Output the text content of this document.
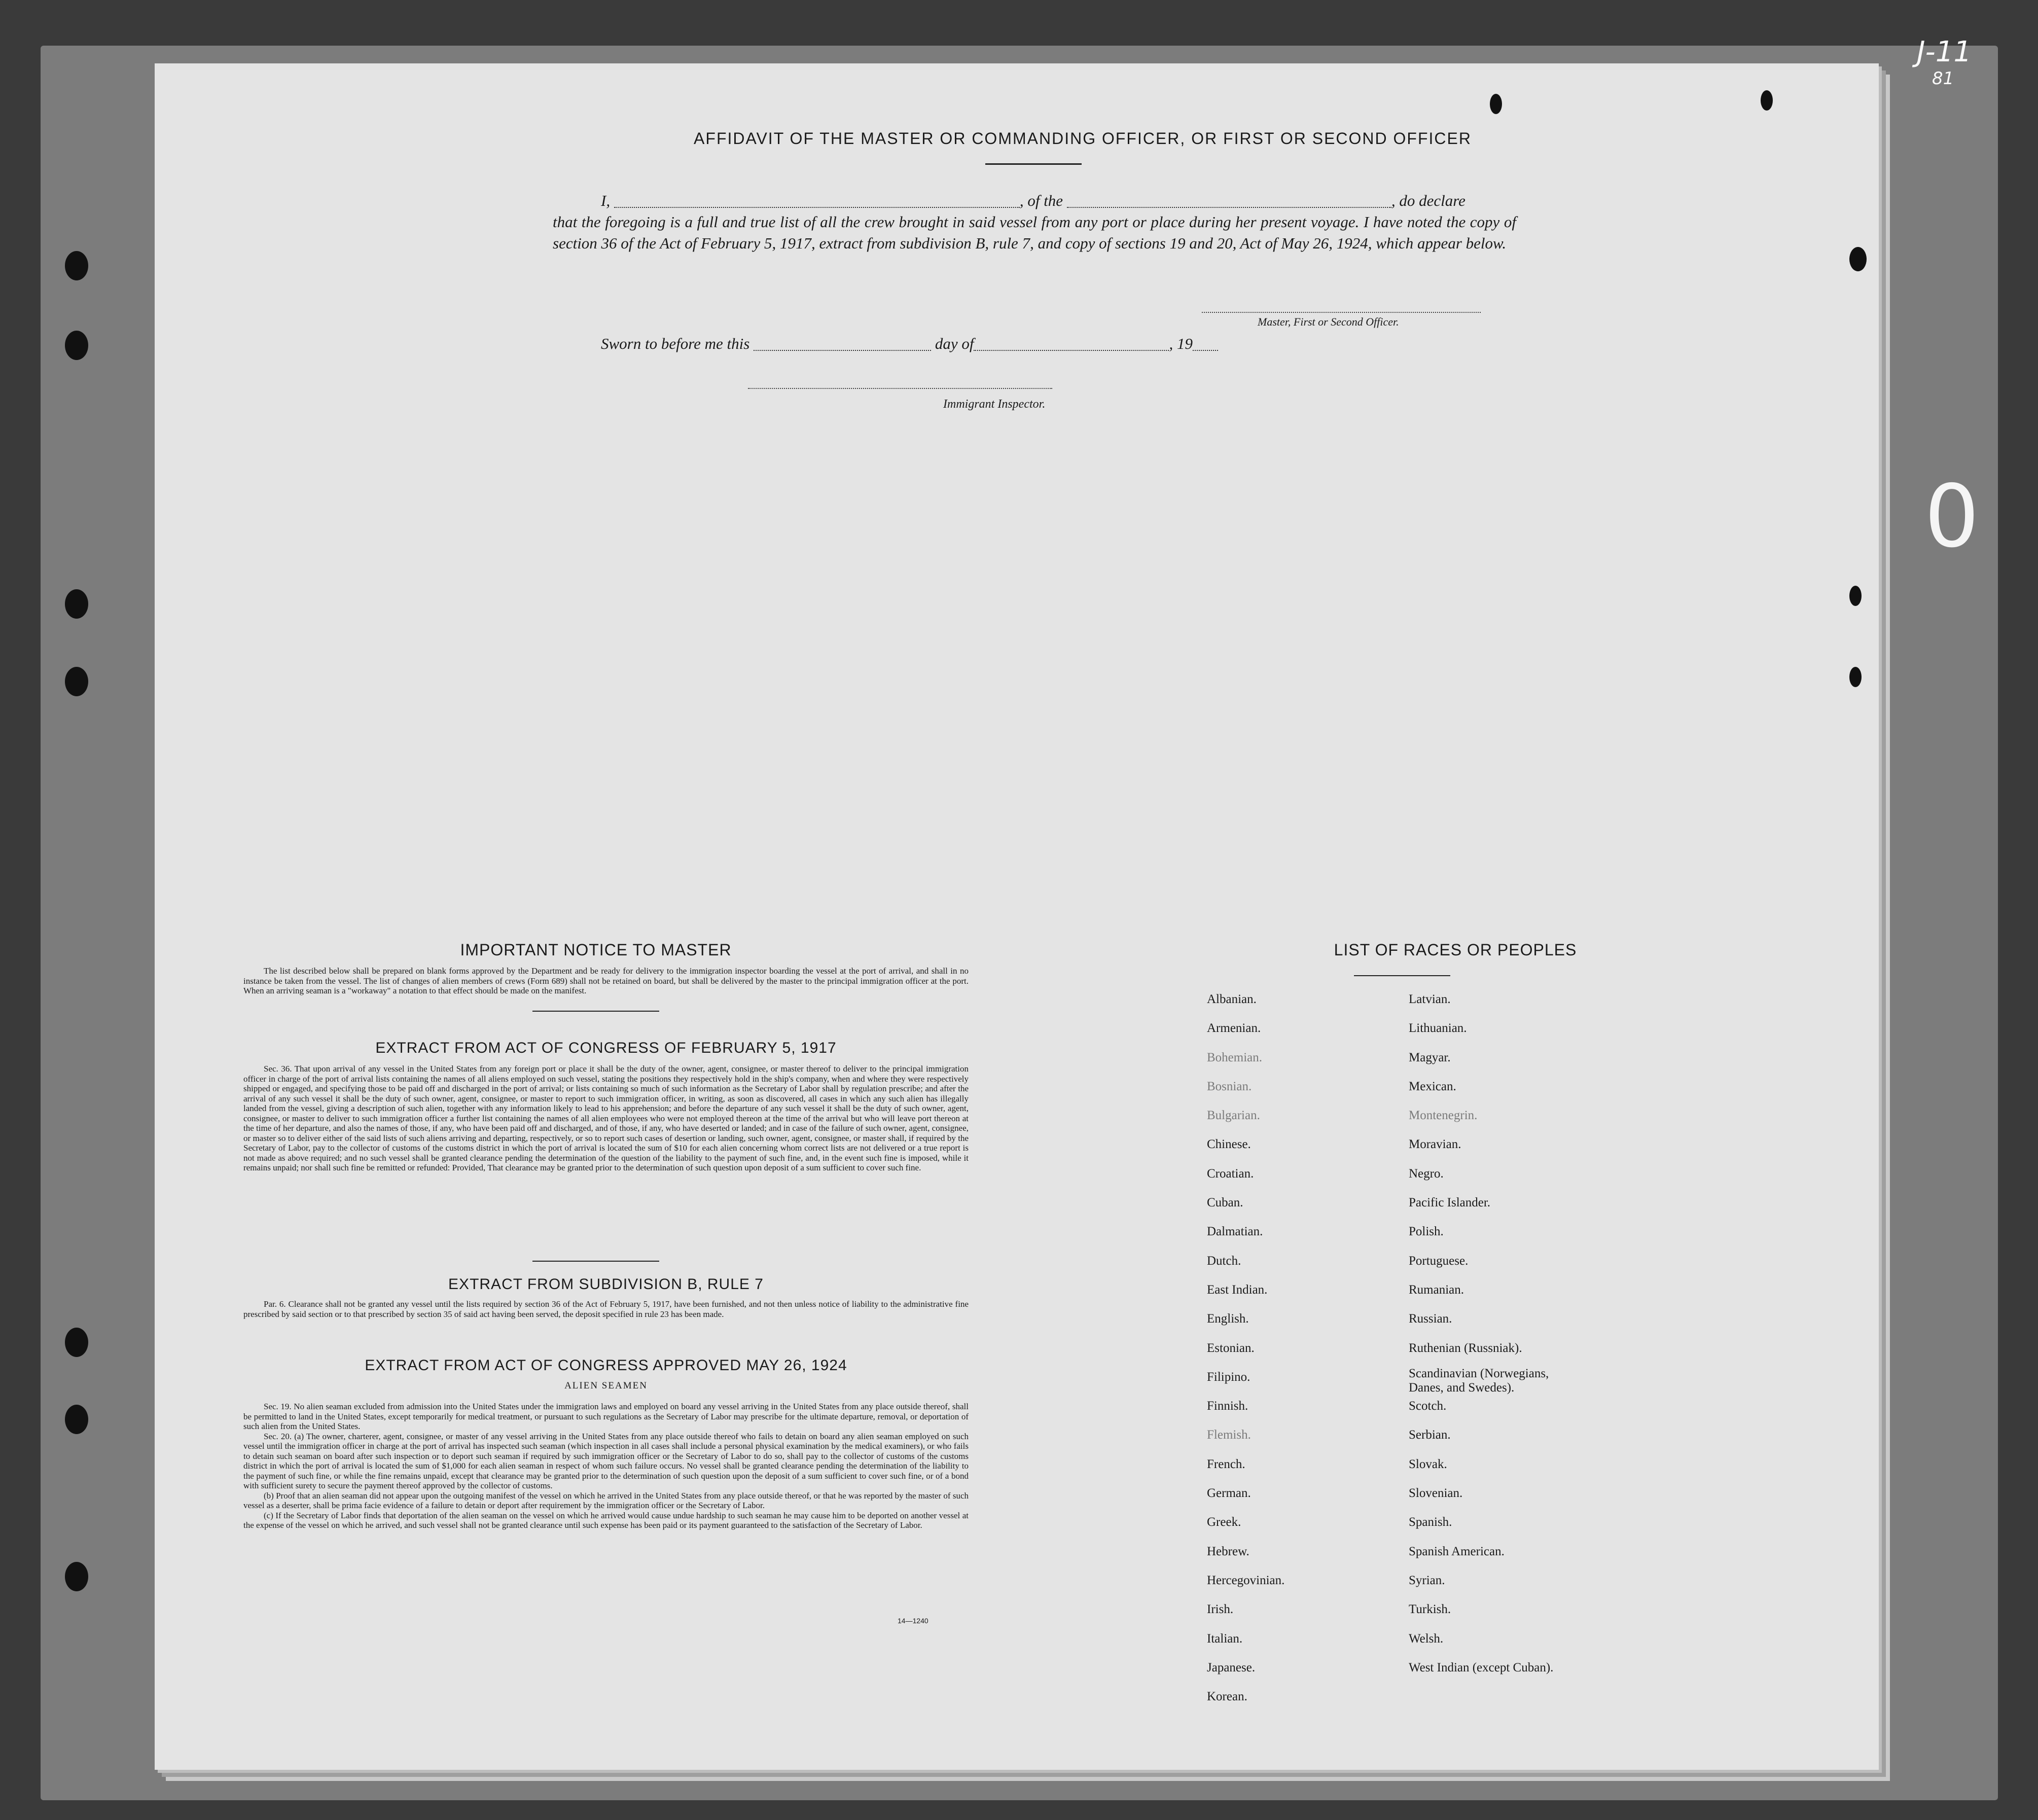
J-11
81
0
AFFIDAVIT OF THE MASTER OR COMMANDING OFFICER, OR FIRST OR SECOND OFFICER
I,	, of the	, do declare
that the foregoing is a full and true list of all the crew brought in said vessel from any port or place during her present voyage. I have noted the copy of section 36 of the Act of February 5, 1917, extract from subdivision B, rule 7, and copy of sections 19 and 20, Act of May 26, 1924, which appear below.
Master, First or Second Officer.
Sworn to before me this	day of	, 19
Immigrant Inspector.
IMPORTANT NOTICE TO MASTER

The list described below shall be prepared on blank forms approved by the Department and be ready for delivery to the immigration inspector boarding the vessel at the port of arrival, and shall in no instance be taken from the vessel. The list of changes of alien members of crews (Form 689) shall not be retained on board, but shall be delivered by the master to the principal immigration officer at the port. When an arriving seaman is a "workaway" a notation to that effect should be made on the manifest.

EXTRACT FROM ACT OF CONGRESS OF FEBRUARY 5, 1917

Sec. 36. That upon arrival of any vessel in the United States from any foreign port or place it shall be the duty of the owner, agent, consignee, or master thereof to deliver to the principal immigration officer in charge of the port of arrival lists containing the names of all aliens employed on such vessel, stating the positions they respectively hold in the ship's company, when and where they were respectively shipped or engaged, and specifying those to be paid off and discharged in the port of arrival; or lists containing so much of such information as the Secretary of Labor shall by regulation prescribe; and after the arrival of any such vessel it shall be the duty of such owner, agent, consignee, or master to report to such immigration officer, in writing, as soon as discovered, all cases in which any such alien has illegally landed from the vessel, giving a description of such alien, together with any information likely to lead to his apprehension; and before the departure of any such vessel it shall be the duty of such owner, agent, consignee, or master to deliver to such immigration officer a further list containing the names of all alien employees who were not employed thereon at the time of the arrival but who will leave port thereon at the time of her departure, and also the names of those, if any, who have been paid off and discharged, and of those, if any, who have deserted or landed; and in case of the failure of such owner, agent, consignee, or master so to deliver either of the said lists of such aliens arriving and departing, respectively, or so to report such cases of desertion or landing, such owner, agent, consignee, or master shall, if required by the Secretary of Labor, pay to the collector of customs of the customs district in which the port of arrival is located the sum of $10 for each alien concerning whom correct lists are not delivered or a true report is not made as above required; and no such vessel shall be granted clearance pending the determination of the question of the liability to the payment of such fine, and, in the event such fine is imposed, while it remains unpaid; nor shall such fine be remitted or refunded: Provided, That clearance may be granted prior to the determination of such question upon deposit of a sum sufficient to cover such fine.

EXTRACT FROM SUBDIVISION B, RULE 7

Par. 6. Clearance shall not be granted any vessel until the lists required by section 36 of the Act of February 5, 1917, have been furnished, and not then unless notice of liability to the administrative fine prescribed by said section or to that prescribed by section 35 of said act having been served, the deposit specified in rule 23 has been made.

EXTRACT FROM ACT OF CONGRESS APPROVED MAY 26, 1924
ALIEN SEAMEN

Sec. 19. No alien seaman excluded from admission into the United States under the immigration laws and employed on board any vessel arriving in the United States from any place outside thereof, shall be permitted to land in the United States, except temporarily for medical treatment, or pursuant to such regulations as the Secretary of Labor may prescribe for the ultimate departure, removal, or deportation of such alien from the United States.

Sec. 20. (a) The owner, charterer, agent, consignee, or master of any vessel arriving in the United States from any place outside thereof who fails to detain on board any alien seaman employed on such vessel until the immigration officer in charge at the port of arrival has inspected such seaman (which inspection in all cases shall include a personal physical examination by the medical examiners), or who fails to detain such seaman on board after such inspection or to deport such seaman if required by such immigration officer or the Secretary of Labor to do so, shall pay to the collector of customs of the customs district in which the port of arrival is located the sum of $1,000 for each alien seaman in respect of whom such failure occurs. No vessel shall be granted clearance pending the determination of the liability to the payment of such fine, or while the fine remains unpaid, except that clearance may be granted prior to the determination of such question upon the deposit of a sum sufficient to cover such fine, or of a bond with sufficient surety to secure the payment thereof approved by the collector of customs.

(b) Proof that an alien seaman did not appear upon the outgoing manifest of the vessel on which he arrived in the United States from any place outside thereof, or that he was reported by the master of such vessel as a deserter, shall be prima facie evidence of a failure to detain or deport after requirement by the immigration officer or the Secretary of Labor.

(c) If the Secretary of Labor finds that deportation of the alien seaman on the vessel on which he arrived would cause undue hardship to such seaman he may cause him to be deported on another vessel at the expense of the vessel on which he arrived, and such vessel shall not be granted clearance until such expense has been paid or its payment guaranteed to the satisfaction of the Secretary of Labor.

14—1240
LIST OF RACES OR PEOPLES
Albanian.
Armenian.
Bohemian.
Bosnian.
Bulgarian.
Chinese.
Croatian.
Cuban.
Dalmatian.
Dutch.
East Indian.
English.
Estonian.
Filipino.
Finnish.
Flemish.
French.
German.
Greek.
Hebrew.
Hercegovinian.
Irish.
Italian.
Japanese.
Korean.
Latvian.
Lithuanian.
Magyar.
Mexican.
Montenegrin.
Moravian.
Negro.
Pacific Islander.
Polish.
Portuguese.
Rumanian.
Russian.
Ruthenian (Russniak).
Scandinavian (Norwegians, Danes, and Swedes).
Scotch.
Serbian.
Slovak.
Slovenian.
Spanish.
Spanish American.
Syrian.
Turkish.
Welsh.
West Indian (except Cuban).
